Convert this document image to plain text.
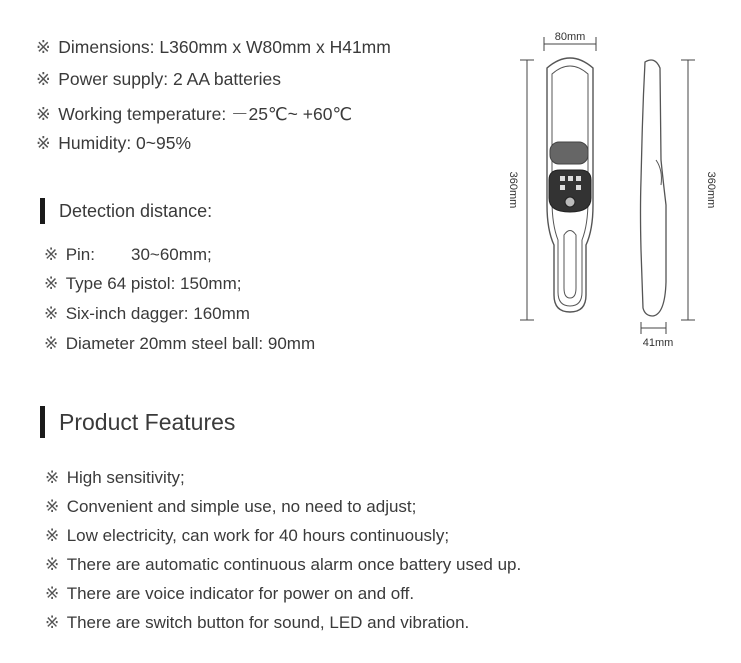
※ Dimensions: L360mm x W80mm x H41mm
※ Power supply: 2 AA batteries
※ Working temperature: －25℃~ +60℃
※ Humidity: 0~95%
Detection distance:
※ Pin: 30~60mm;
※ Type 64 pistol: 150mm;
※ Six-inch dagger: 160mm
※ Diameter 20mm steel ball: 90mm
Product Features
※ High sensitivity;
※ Convenient and simple use, no need to adjust;
※ Low electricity, can work for 40 hours continuously;
※ There are automatic continuous alarm once battery used up.
※ There are voice indicator for power on and off.
※ There are switch button for sound, LED and vibration.
80mm
360mm	360mm
41mm
